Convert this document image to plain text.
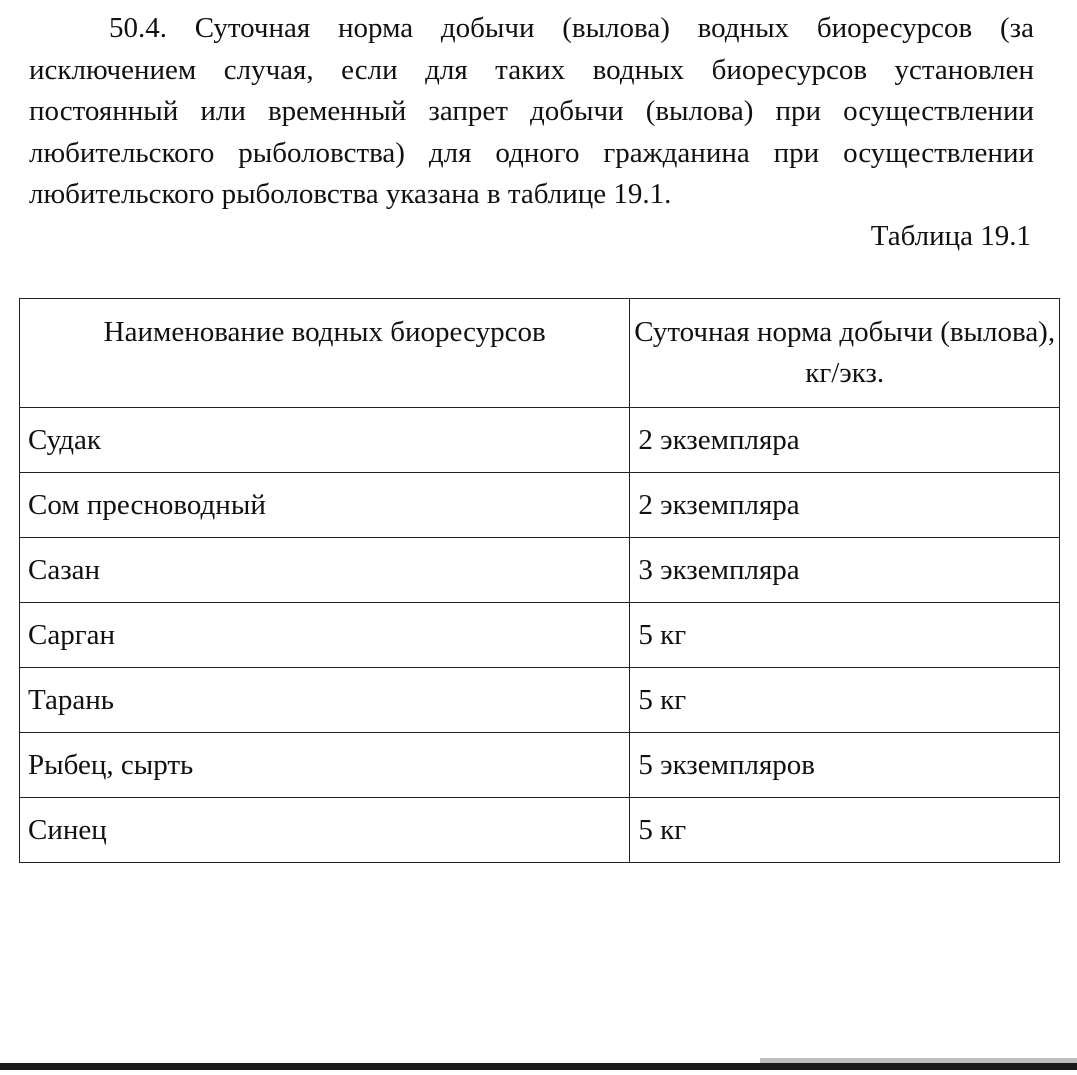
50.4. Суточная норма добычи (вылова) водных биоресурсов (за исключением случая, если для таких водных биоресурсов установлен постоянный или временный запрет добычи (вылова) при осуществлении любительского рыболовства) для одного гражданина при осуществлении любительского рыболовства указана в таблице 19.1.

Таблица 19.1

Наименование водных биоресурсов	Суточная норма добычи (вылова), кг/экз.

Судак	2 экземпляра
Сом пресноводный	2 экземпляра
Сазан	3 экземпляра
Сарган	5 кг
Тарань	5 кг
Рыбец, сырть	5 экземпляров
Синец	5 кг
